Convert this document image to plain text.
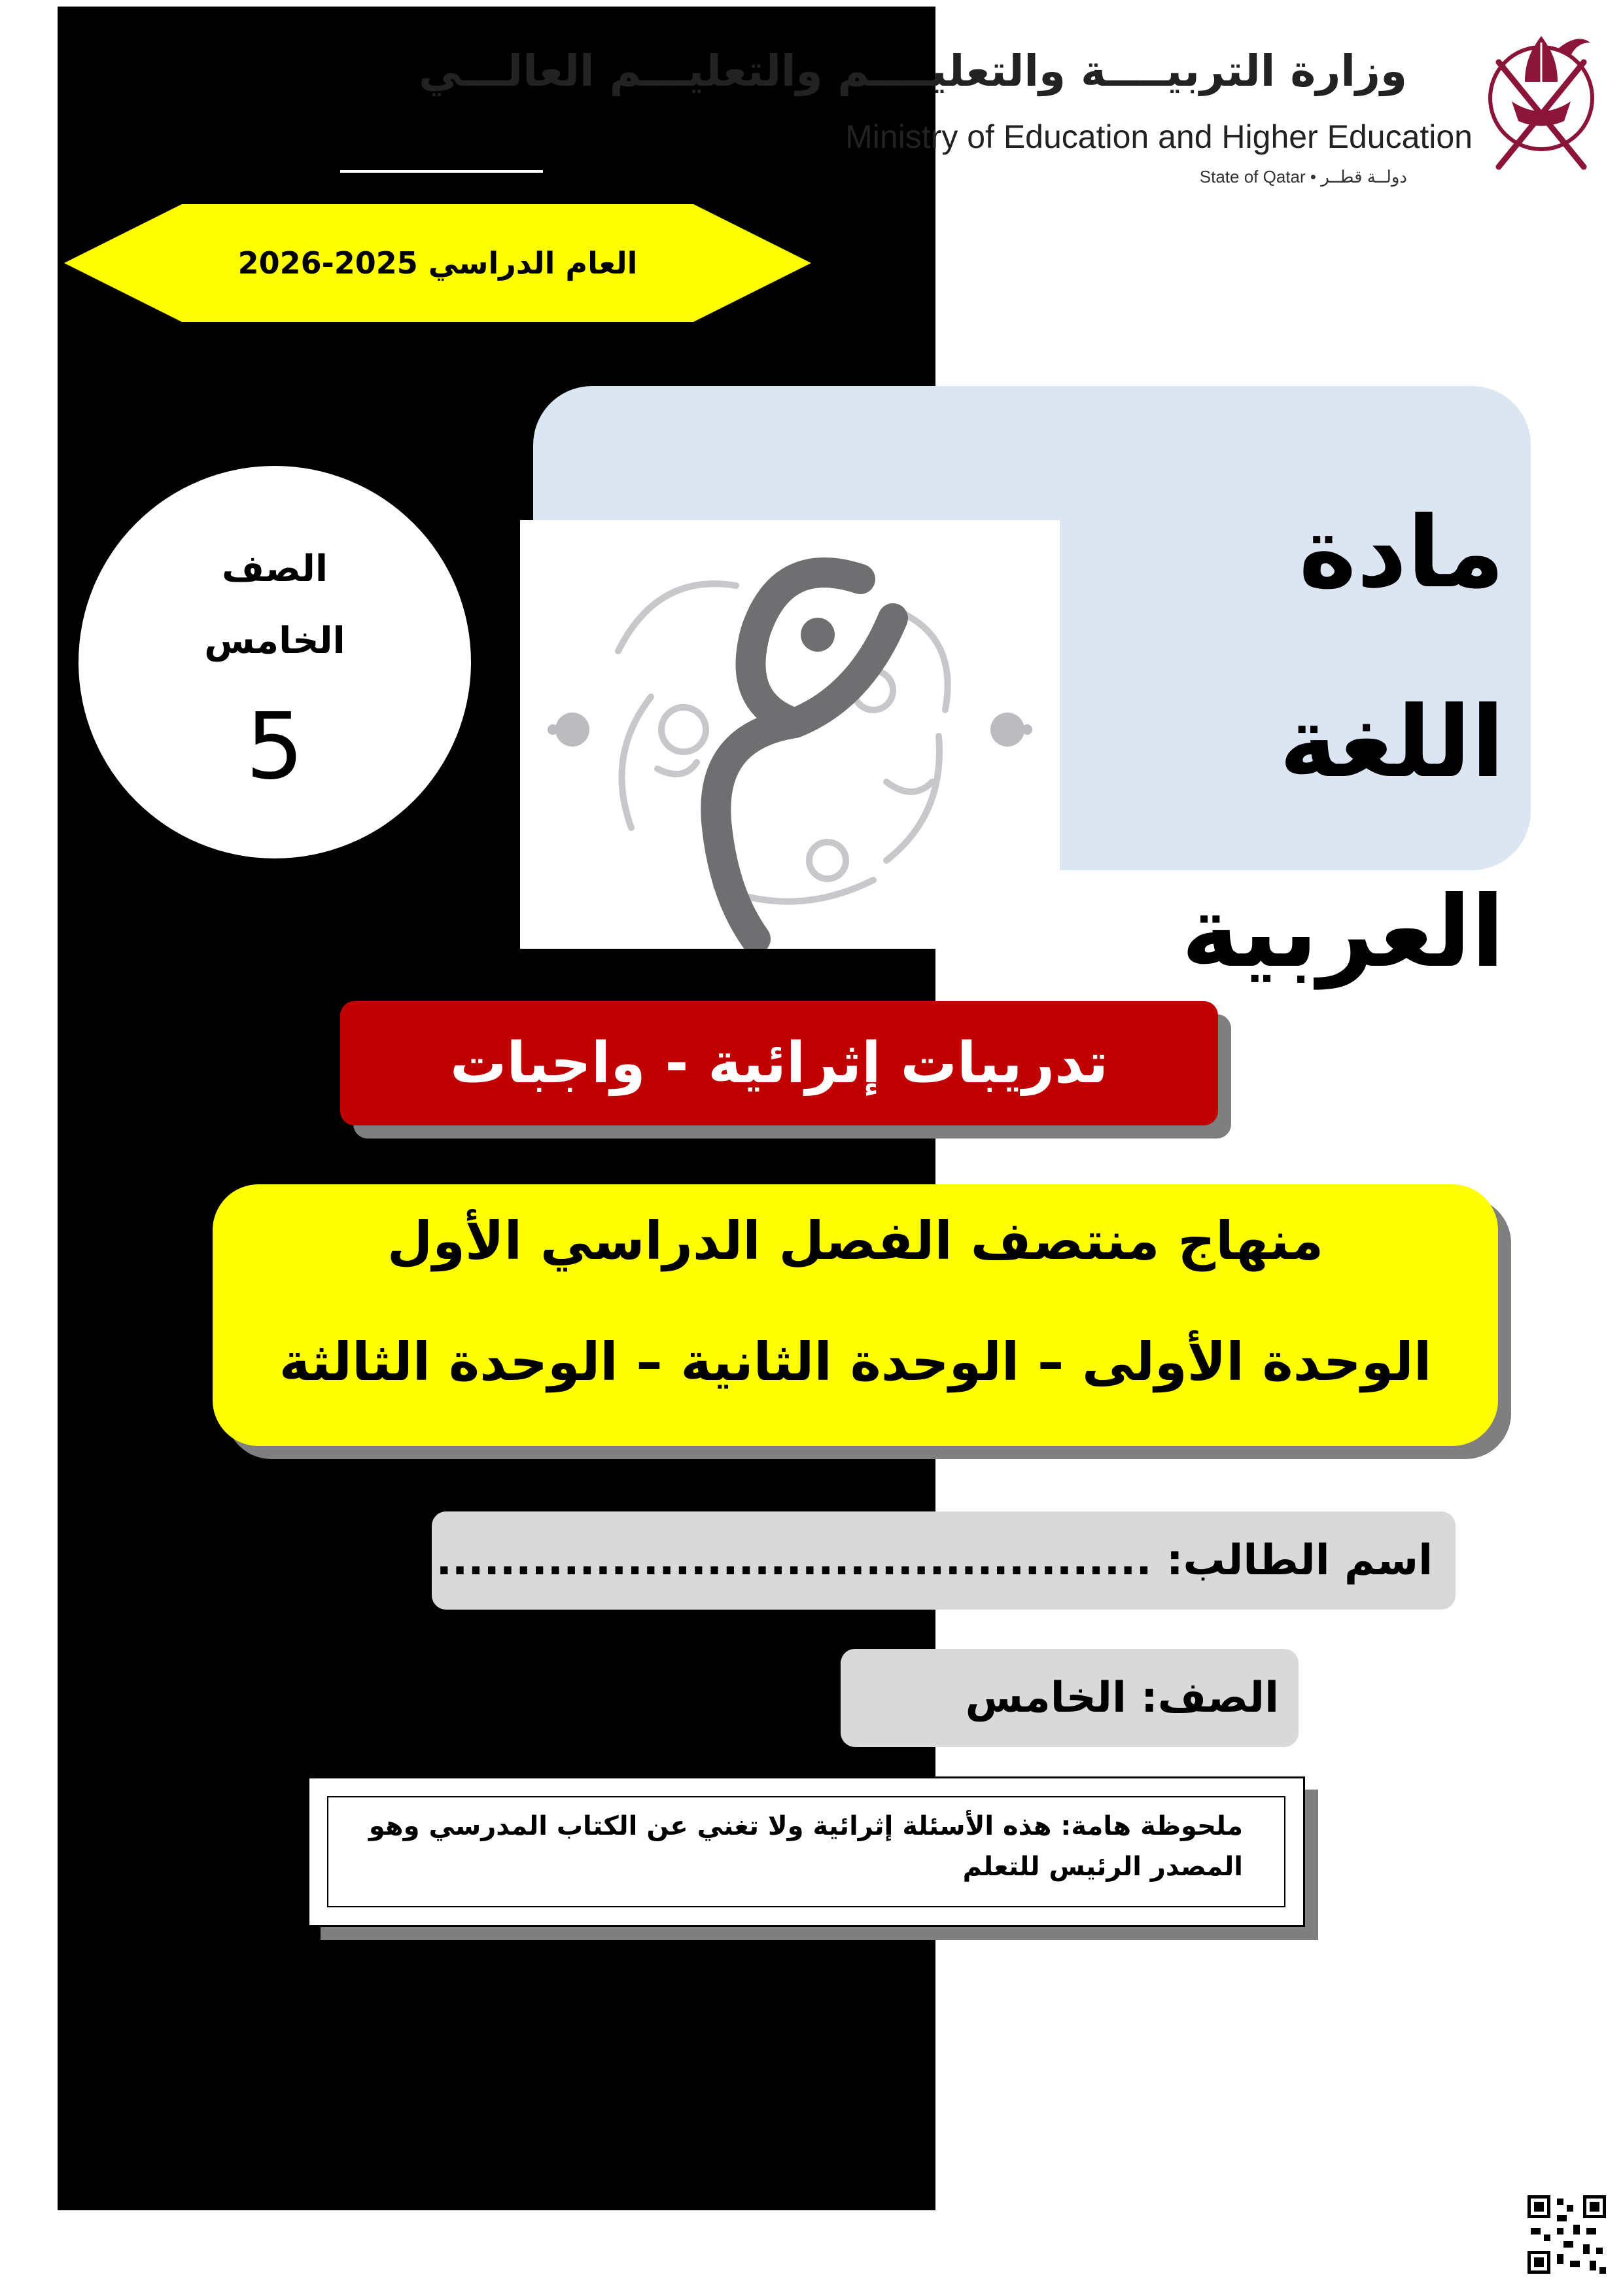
وزارة التربيــــة والتعليــــم والتعليـــم العالـــي
Ministry of Education and Higher Education
State of Qatar • دولــة قطــر
العام الدراسي 2025-2026
مادة اللغة
العربية
الصف
الخامس
5
تدريبات إثرائية - واجبات
منهاج منتصف الفصل الدراسي الأول
الوحدة الأولى – الوحدة الثانية – الوحدة الثالثة
اسم الطالب: ..................................................
الصف: الخامس
ملحوظة هامة: هذه الأسئلة إثرائية ولا تغني عن الكتاب المدرسي وهو المصدر الرئيس للتعلم
